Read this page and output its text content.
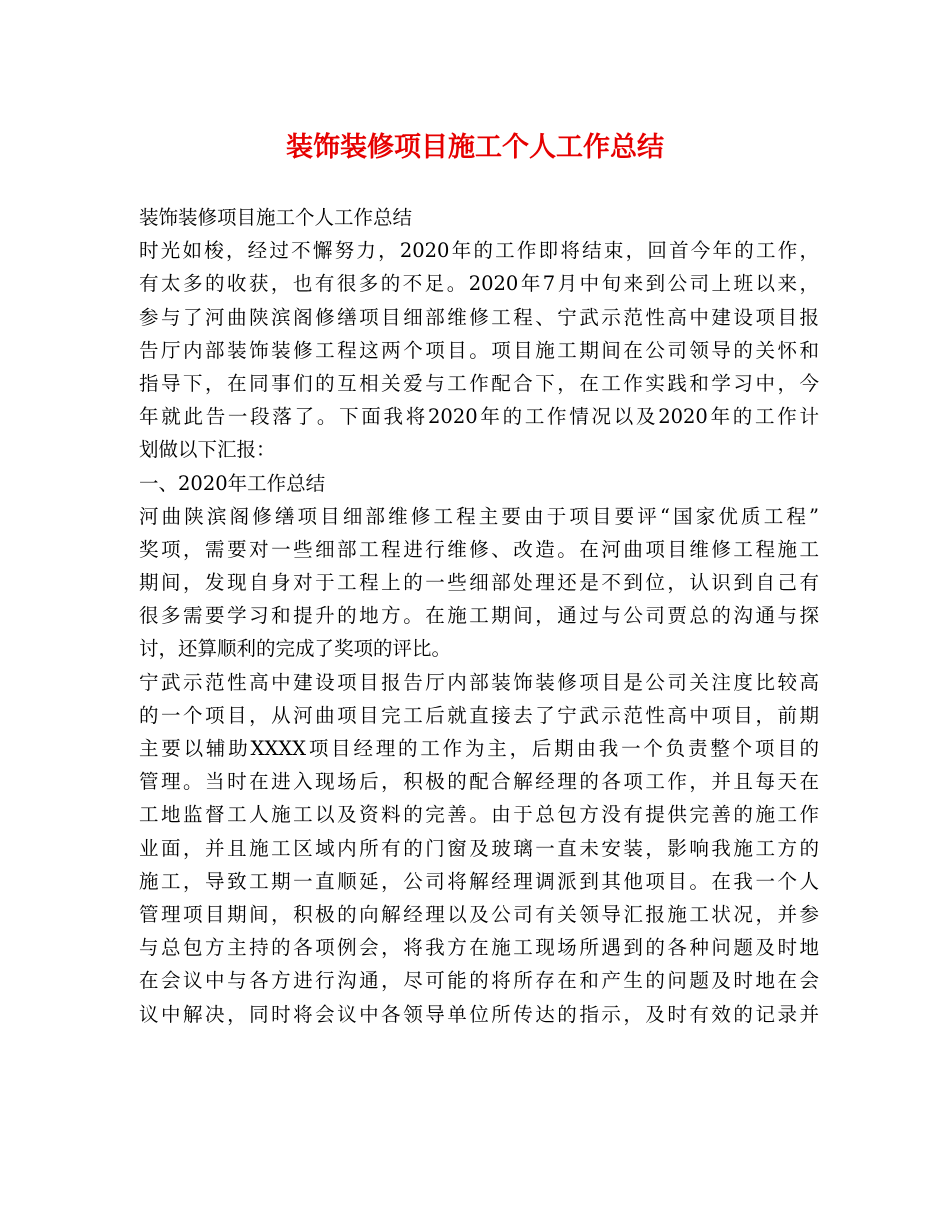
装饰装修项目施工个人工作总结
装饰装修项目施工个人工作总结
时光如梭，经过不懈努力，2020年的工作即将结束，回首今年的工作，
有太多的收获，也有很多的不足。2020年7月中旬来到公司上班以来，
参与了河曲陕滨阁修缮项目细部维修工程、宁武示范性高中建设项目报
告厅内部装饰装修工程这两个项目。项目施工期间在公司领导的关怀和
指导下，在同事们的互相关爱与工作配合下，在工作实践和学习中，今
年就此告一段落了。下面我将2020年的工作情况以及2020年的工作计
划做以下汇报：
一、2020年工作总结
河曲陕滨阁修缮项目细部维修工程主要由于项目要评“国家优质工程”
奖项，需要对一些细部工程进行维修、改造。在河曲项目维修工程施工
期间，发现自身对于工程上的一些细部处理还是不到位，认识到自己有
很多需要学习和提升的地方。在施工期间，通过与公司贾总的沟通与探
讨，还算顺利的完成了奖项的评比。
宁武示范性高中建设项目报告厅内部装饰装修项目是公司关注度比较高
的一个项目，从河曲项目完工后就直接去了宁武示范性高中项目，前期
主要以辅助XXXX项目经理的工作为主，后期由我一个负责整个项目的
管理。当时在进入现场后，积极的配合解经理的各项工作，并且每天在
工地监督工人施工以及资料的完善。由于总包方没有提供完善的施工作
业面，并且施工区域内所有的门窗及玻璃一直未安装，影响我施工方的
施工，导致工期一直顺延，公司将解经理调派到其他项目。在我一个人
管理项目期间，积极的向解经理以及公司有关领导汇报施工状况，并参
与总包方主持的各项例会，将我方在施工现场所遇到的各种问题及时地
在会议中与各方进行沟通，尽可能的将所存在和产生的问题及时地在会
议中解决，同时将会议中各领导单位所传达的指示，及时有效的记录并
